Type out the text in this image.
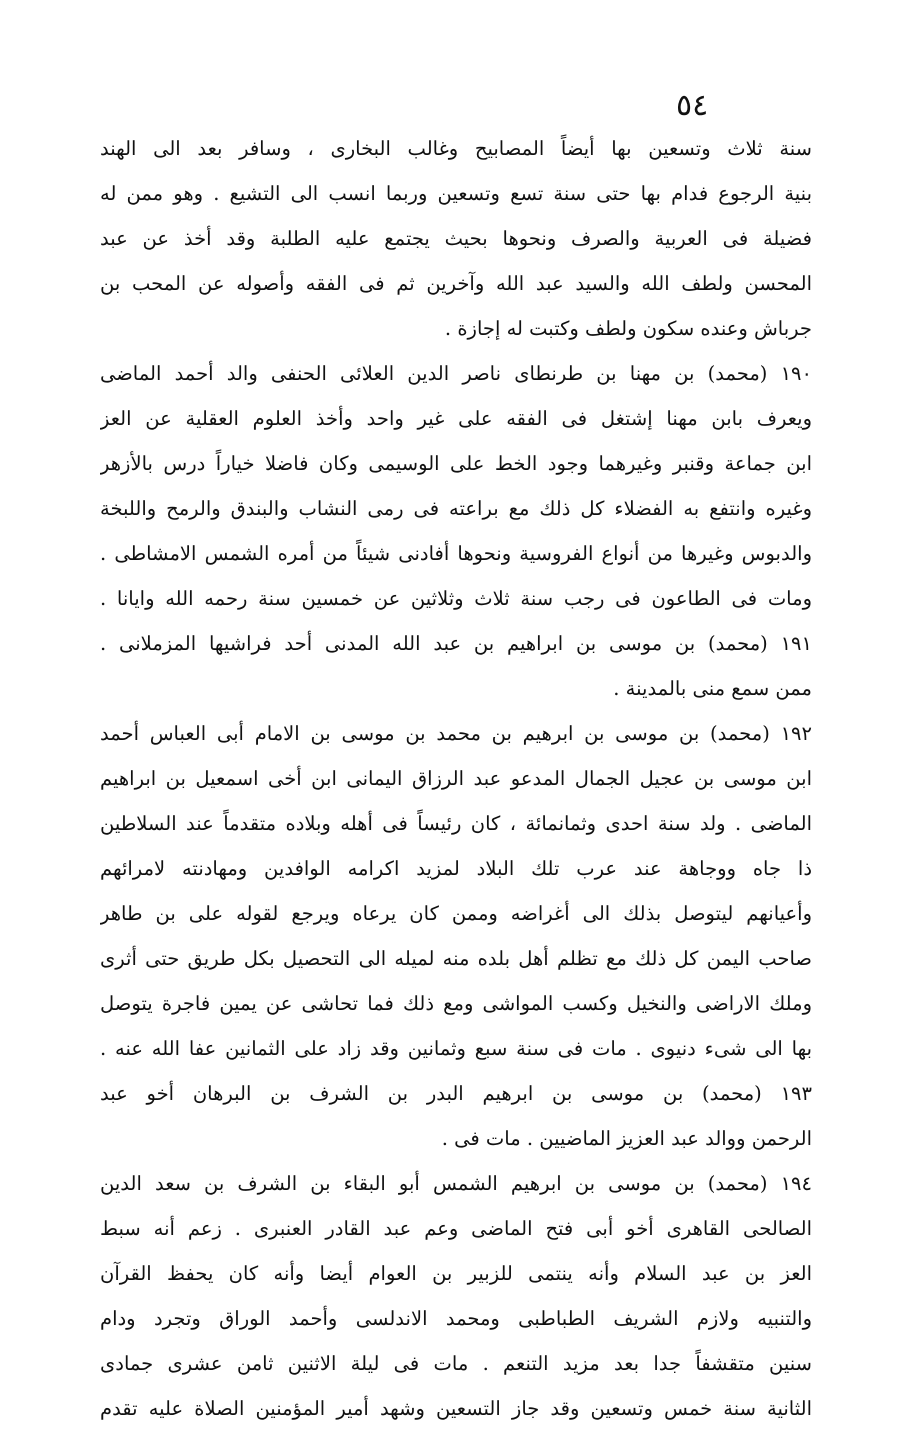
٥٤
سنة ثلاث وتسعين بها أيضاً المصابيح وغالب البخارى ، وسافر بعد الى الهند
بنية الرجوع فدام بها حتى سنة تسع وتسعين وربما انسب الى التشيع . وهو ممن له
فضيلة فى العربية والصرف ونحوها بحيث يجتمع عليه الطلبة وقد أخذ عن عبد
المحسن ولطف الله والسيد عبد الله وآخرين ثم فى الفقه وأصوله عن المحب بن
جرباش وعنده سكون ولطف وكتبت له إجازة .
١٩٠ (محمد) بن مهنا بن طرنطاى ناصر الدين العلائى الحنفى والد أحمد الماضى
ويعرف بابن مهنا إشتغل فى الفقه على غير واحد وأخذ العلوم العقلية عن العز
ابن جماعة وقنبر وغيرهما وجود الخط على الوسيمى وكان فاضلا خياراً درس بالأزهر
وغيره وانتفع به الفضلاء كل ذلك مع براعته فى رمى النشاب والبندق والرمح واللبخة
والدبوس وغيرها من أنواع الفروسية ونحوها أفادنى شيئاً من أمره الشمس الامشاطى .
ومات فى الطاعون فى رجب سنة ثلاث وثلاثين عن خمسين سنة رحمه الله وايانا .
١٩١ (محمد) بن موسى بن ابراهيم بن عبد الله المدنى أحد فراشيها المزملانى .
ممن سمع منى بالمدينة .
١٩٢ (محمد) بن موسى بن ابرهيم بن محمد بن موسى بن الامام أبى العباس أحمد
ابن موسى بن عجيل الجمال المدعو عبد الرزاق اليمانى ابن أخى اسمعيل بن ابراهيم
الماضى . ولد سنة احدى وثمانمائة ، كان رئيساً فى أهله وبلاده متقدماً عند السلاطين
ذا جاه ووجاهة عند عرب تلك البلاد لمزيد اكرامه الوافدين ومهادنته لامرائهم
وأعيانهم ليتوصل بذلك الى أغراضه وممن كان يرعاه ويرجع لقوله على بن طاهر
صاحب اليمن كل ذلك مع تظلم أهل بلده منه لميله الى التحصيل بكل طريق حتى أثرى
وملك الاراضى والنخيل وكسب المواشى ومع ذلك فما تحاشى عن يمين فاجرة يتوصل
بها الى شىء دنيوى . مات فى سنة سبع وثمانين وقد زاد على الثمانين عفا الله عنه .
١٩٣ (محمد) بن موسى بن ابرهيم البدر بن الشرف بن البرهان أخو عبد
الرحمن ووالد عبد العزيز الماضيين . مات فى .
١٩٤ (محمد) بن موسى بن ابرهيم الشمس أبو البقاء بن الشرف بن سعد الدين
الصالحى القاهرى أخو أبى فتح الماضى وعم عبد القادر العنبرى . زعم أنه سبط
العز بن عبد السلام وأنه ينتمى للزبير بن العوام أيضا وأنه كان يحفظ القرآن
والتنبيه ولازم الشريف الطباطبى ومحمد الاندلسى وأحمد الوراق وتجرد ودام
سنين متقشفاً جدا بعد مزيد التنعم . مات فى ليلة الاثنين ثامن عشرى جمادى
الثانية سنة خمس وتسعين وقد جاز التسعين وشهد أمير المؤمنين الصلاة عليه تقدم
